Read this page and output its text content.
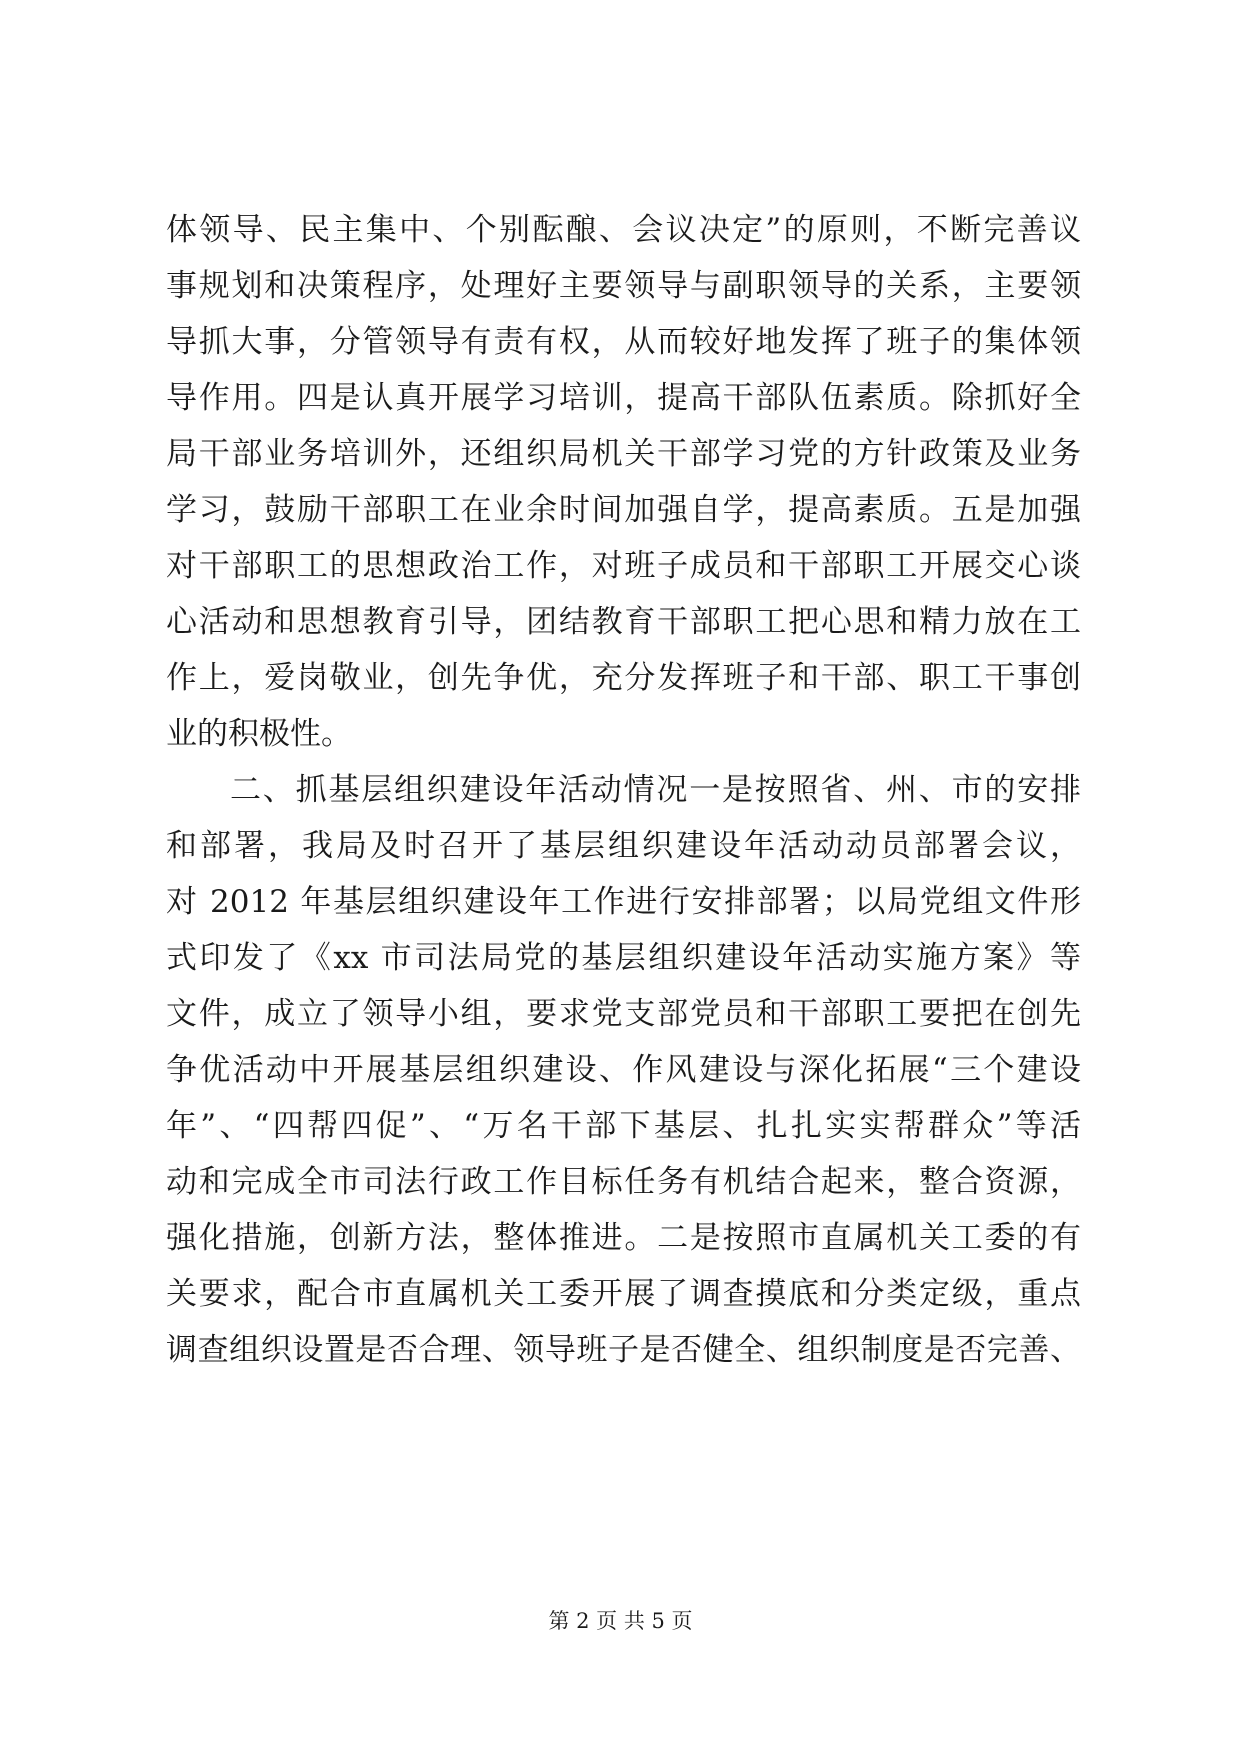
体领导、民主集中、个别酝酿、会议决定”的原则，不断完善议
事规划和决策程序，处理好主要领导与副职领导的关系，主要领
导抓大事，分管领导有责有权，从而较好地发挥了班子的集体领
导作用。四是认真开展学习培训，提高干部队伍素质。除抓好全
局干部业务培训外，还组织局机关干部学习党的方针政策及业务
学习，鼓励干部职工在业余时间加强自学，提高素质。五是加强
对干部职工的思想政治工作，对班子成员和干部职工开展交心谈
心活动和思想教育引导，团结教育干部职工把心思和精力放在工
作上，爱岗敬业，创先争优，充分发挥班子和干部、职工干事创
业的积极性。
二、抓基层组织建设年活动情况一是按照省、州、市的安排
和部署，我局及时召开了基层组织建设年活动动员部署会议，
对 2012 年基层组织建设年工作进行安排部署；以局党组文件形
式印发了《xx 市司法局党的基层组织建设年活动实施方案》等
文件，成立了领导小组，要求党支部党员和干部职工要把在创先
争优活动中开展基层组织建设、作风建设与深化拓展“三个建设
年”、“四帮四促”、“万名干部下基层、扎扎实实帮群众”等活
动和完成全市司法行政工作目标任务有机结合起来，整合资源，
强化措施，创新方法，整体推进。二是按照市直属机关工委的有
关要求，配合市直属机关工委开展了调查摸底和分类定级，重点
调查组织设置是否合理、领导班子是否健全、组织制度是否完善、
第 2 页 共 5 页
